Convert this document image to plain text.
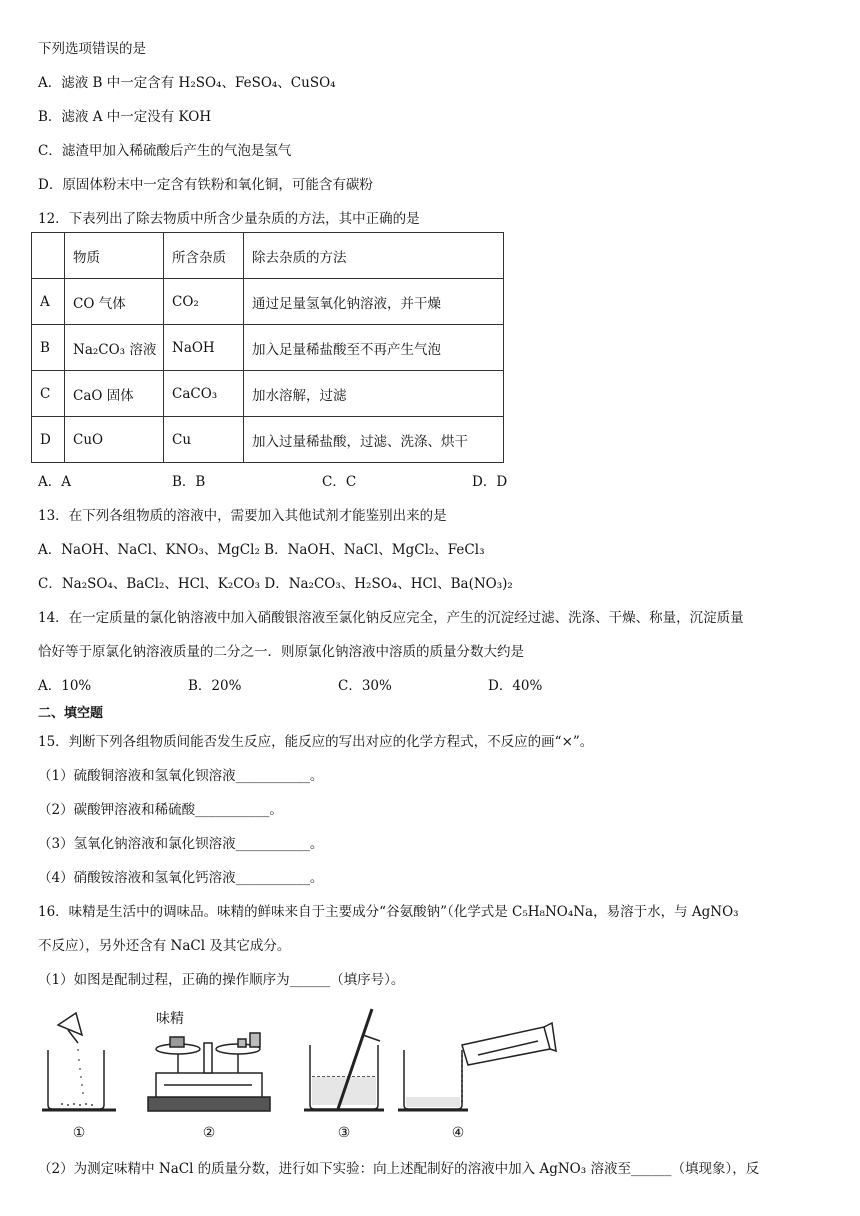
下列选项错误的是
A．滤液 B 中一定含有 H₂SO₄、FeSO₄、CuSO₄
B．滤液 A 中一定没有 KOH
C．滤渣甲加入稀硫酸后产生的气泡是氢气
D．原固体粉末中一定含有铁粉和氧化铜，可能含有碳粉
12．下表列出了除去物质中所含少量杂质的方法，其中正确的是
	物质	所含杂质	除去杂质的方法
A	CO 气体	CO₂	通过足量氢氧化钠溶液，并干燥
B	Na₂CO₃ 溶液	NaOH	加入足量稀盐酸至不再产生气泡
C	CaO 固体	CaCO₃	加水溶解，过滤
D	CuO	Cu	加入过量稀盐酸，过滤、洗涤、烘干
A．A	B．B	C．C	D．D
13．在下列各组物质的溶液中，需要加入其他试剂才能鉴别出来的是
A．NaOH、NaCl、KNO₃、MgCl₂ B．NaOH、NaCl、MgCl₂、FeCl₃
C．Na₂SO₄、BaCl₂、HCl、K₂CO₃ D．Na₂CO₃、H₂SO₄、HCl、Ba(NO₃)₂
14．在一定质量的氯化钠溶液中加入硝酸银溶液至氯化钠反应完全，产生的沉淀经过滤、洗涤、干燥、称量，沉淀质量
恰好等于原氯化钠溶液质量的二分之一．则原氯化钠溶液中溶质的质量分数大约是
A．10%	B．20%	C．30%	D．40%
二、填空题
15．判断下列各组物质间能否发生反应，能反应的写出对应的化学方程式，不反应的画“×”。
（1）硫酸铜溶液和氢氧化钡溶液___________。
（2）碳酸钾溶液和稀硫酸___________。
（3）氢氧化钠溶液和氯化钡溶液___________。
（4）硝酸铵溶液和氢氧化钙溶液___________。
16．味精是生活中的调味品。味精的鲜味来自于主要成分“谷氨酸钠”（化学式是 C₅H₈NO₄Na，易溶于水，与 AgNO₃
不反应），另外还含有 NaCl 及其它成分。
（1）如图是配制过程，正确的操作顺序为______（填序号）。
味精
①	②	③	④
（2）为测定味精中 NaCl 的质量分数，进行如下实验：向上述配制好的溶液中加入 AgNO₃ 溶液至______（填现象），反
